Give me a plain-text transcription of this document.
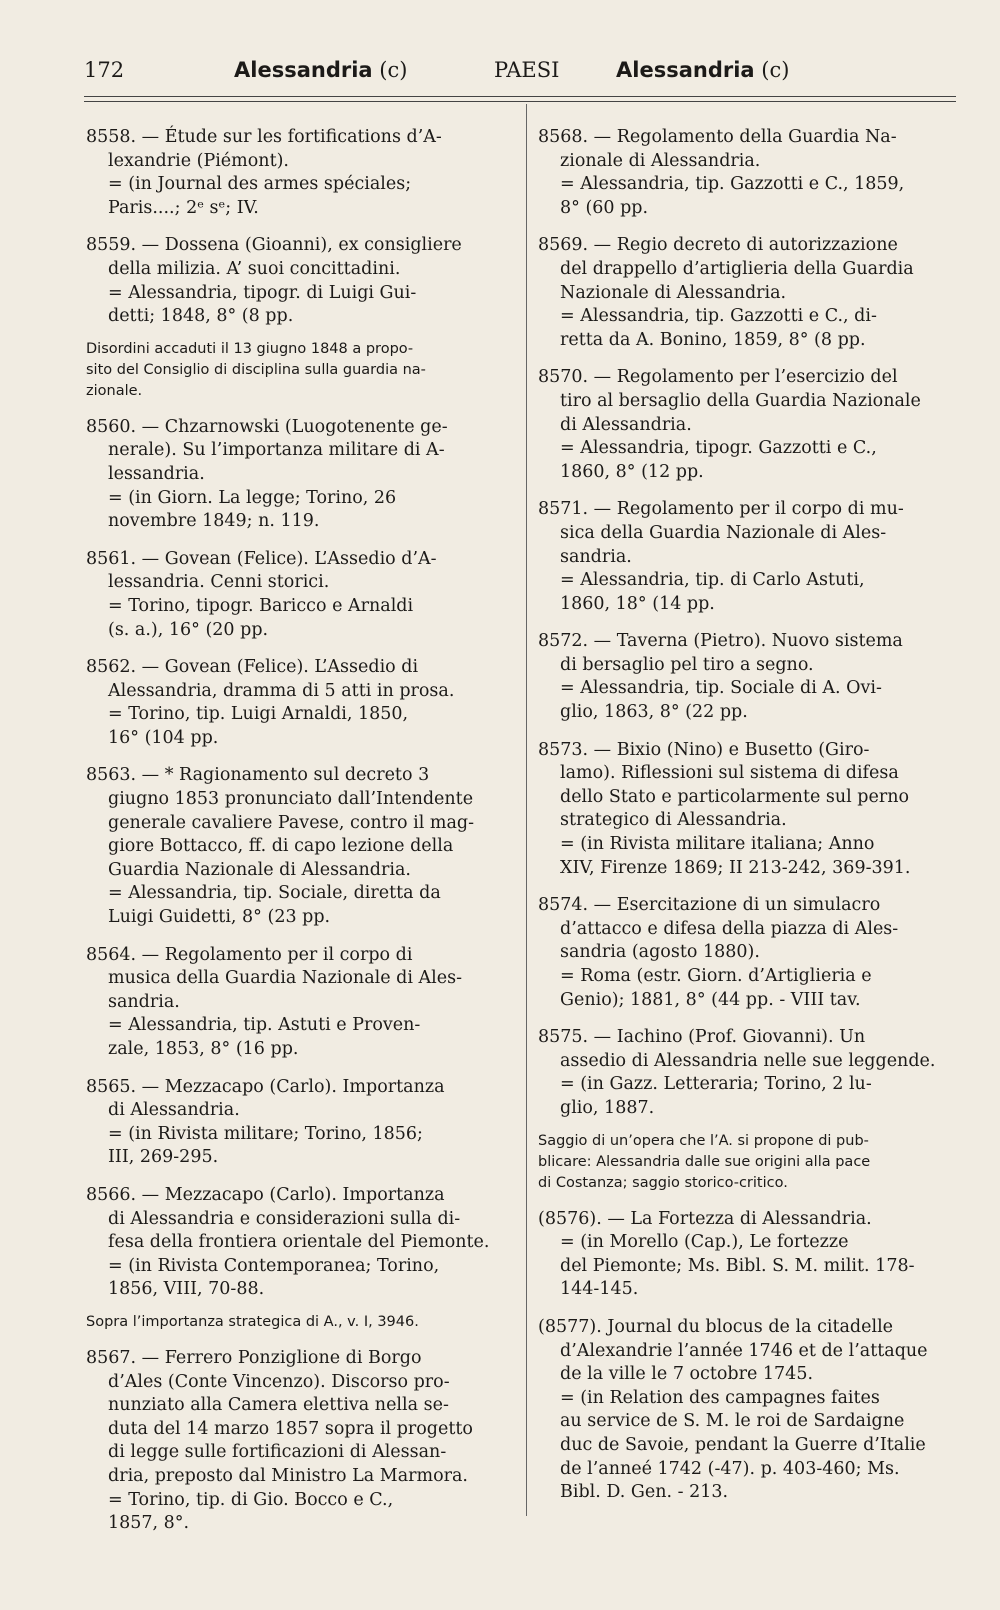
172	Alessandria (c)	PAESI	Alessandria (c)
8558. — Étude sur les fortifications d’A-
lexandrie (Piémont).
= (in Journal des armes spéciales;
Paris....; 2ᵉ sᵉ; IV.
8559. — Dossena (Gioanni), ex consigliere
della milizia. A’ suoi concittadini.
= Alessandria, tipogr. di Luigi Gui-
detti; 1848, 8° (8 pp.
Disordini accaduti il 13 giugno 1848 a propo-
sito del Consiglio di disciplina sulla guardia na-
zionale.
8560. — Chzarnowski (Luogotenente ge-
nerale). Su l’importanza militare di A-
lessandria.
= (in Giorn. La legge; Torino, 26
novembre 1849; n. 119.
8561. — Govean (Felice). L’Assedio d’A-
lessandria. Cenni storici.
= Torino, tipogr. Baricco e Arnaldi
(s. a.), 16° (20 pp.
8562. — Govean (Felice). L’Assedio di
Alessandria, dramma di 5 atti in prosa.
= Torino, tip. Luigi Arnaldi, 1850,
16° (104 pp.
8563. — * Ragionamento sul decreto 3
giugno 1853 pronunciato dall’Intendente
generale cavaliere Pavese, contro il mag-
giore Bottacco, ff. di capo lezione della
Guardia Nazionale di Alessandria.
= Alessandria, tip. Sociale, diretta da
Luigi Guidetti, 8° (23 pp.
8564. — Regolamento per il corpo di
musica della Guardia Nazionale di Ales-
sandria.
= Alessandria, tip. Astuti e Proven-
zale, 1853, 8° (16 pp.
8565. — Mezzacapo (Carlo). Importanza
di Alessandria.
= (in Rivista militare; Torino, 1856;
III, 269-295.
8566. — Mezzacapo (Carlo). Importanza
di Alessandria e considerazioni sulla di-
fesa della frontiera orientale del Piemonte.
= (in Rivista Contemporanea; Torino,
1856, VIII, 70-88.
Sopra l’importanza strategica di A., v. I, 3946.
8567. — Ferrero Ponziglione di Borgo
d’Ales (Conte Vincenzo). Discorso pro-
nunziato alla Camera elettiva nella se-
duta del 14 marzo 1857 sopra il progetto
di legge sulle fortificazioni di Alessan-
dria, preposto dal Ministro La Marmora.
= Torino, tip. di Gio. Bocco e C.,
1857, 8°.
8568. — Regolamento della Guardia Na-
zionale di Alessandria.
= Alessandria, tip. Gazzotti e C., 1859,
8° (60 pp.
8569. — Regio decreto di autorizzazione
del drappello d’artiglieria della Guardia
Nazionale di Alessandria.
= Alessandria, tip. Gazzotti e C., di-
retta da A. Bonino, 1859, 8° (8 pp.
8570. — Regolamento per l’esercizio del
tiro al bersaglio della Guardia Nazionale
di Alessandria.
= Alessandria, tipogr. Gazzotti e C.,
1860, 8° (12 pp.
8571. — Regolamento per il corpo di mu-
sica della Guardia Nazionale di Ales-
sandria.
= Alessandria, tip. di Carlo Astuti,
1860, 18° (14 pp.
8572. — Taverna (Pietro). Nuovo sistema
di bersaglio pel tiro a segno.
= Alessandria, tip. Sociale di A. Ovi-
glio, 1863, 8° (22 pp.
8573. — Bixio (Nino) e Busetto (Giro-
lamo). Riflessioni sul sistema di difesa
dello Stato e particolarmente sul perno
strategico di Alessandria.
= (in Rivista militare italiana; Anno
XIV, Firenze 1869; II 213-242, 369-391.
8574. — Esercitazione di un simulacro
d’attacco e difesa della piazza di Ales-
sandria (agosto 1880).
= Roma (estr. Giorn. d’Artiglieria e
Genio); 1881, 8° (44 pp. - VIII tav.
8575. — Iachino (Prof. Giovanni). Un
assedio di Alessandria nelle sue leggende.
= (in Gazz. Letteraria; Torino, 2 lu-
glio, 1887.
Saggio di un’opera che l’A. si propone di pub-
blicare: Alessandria dalle sue origini alla pace
di Costanza; saggio storico-critico.
(8576). — La Fortezza di Alessandria.
= (in Morello (Cap.), Le fortezze
del Piemonte; Ms. Bibl. S. M. milit. 178-
144-145.
(8577). Journal du blocus de la citadelle
d’Alexandrie l’année 1746 et de l’attaque
de la ville le 7 octobre 1745.
= (in Relation des campagnes faites
au service de S. M. le roi de Sardaigne
duc de Savoie, pendant la Guerre d’Italie
de l’anneé 1742 (-47). p. 403-460; Ms.
Bibl. D. Gen. - 213.
